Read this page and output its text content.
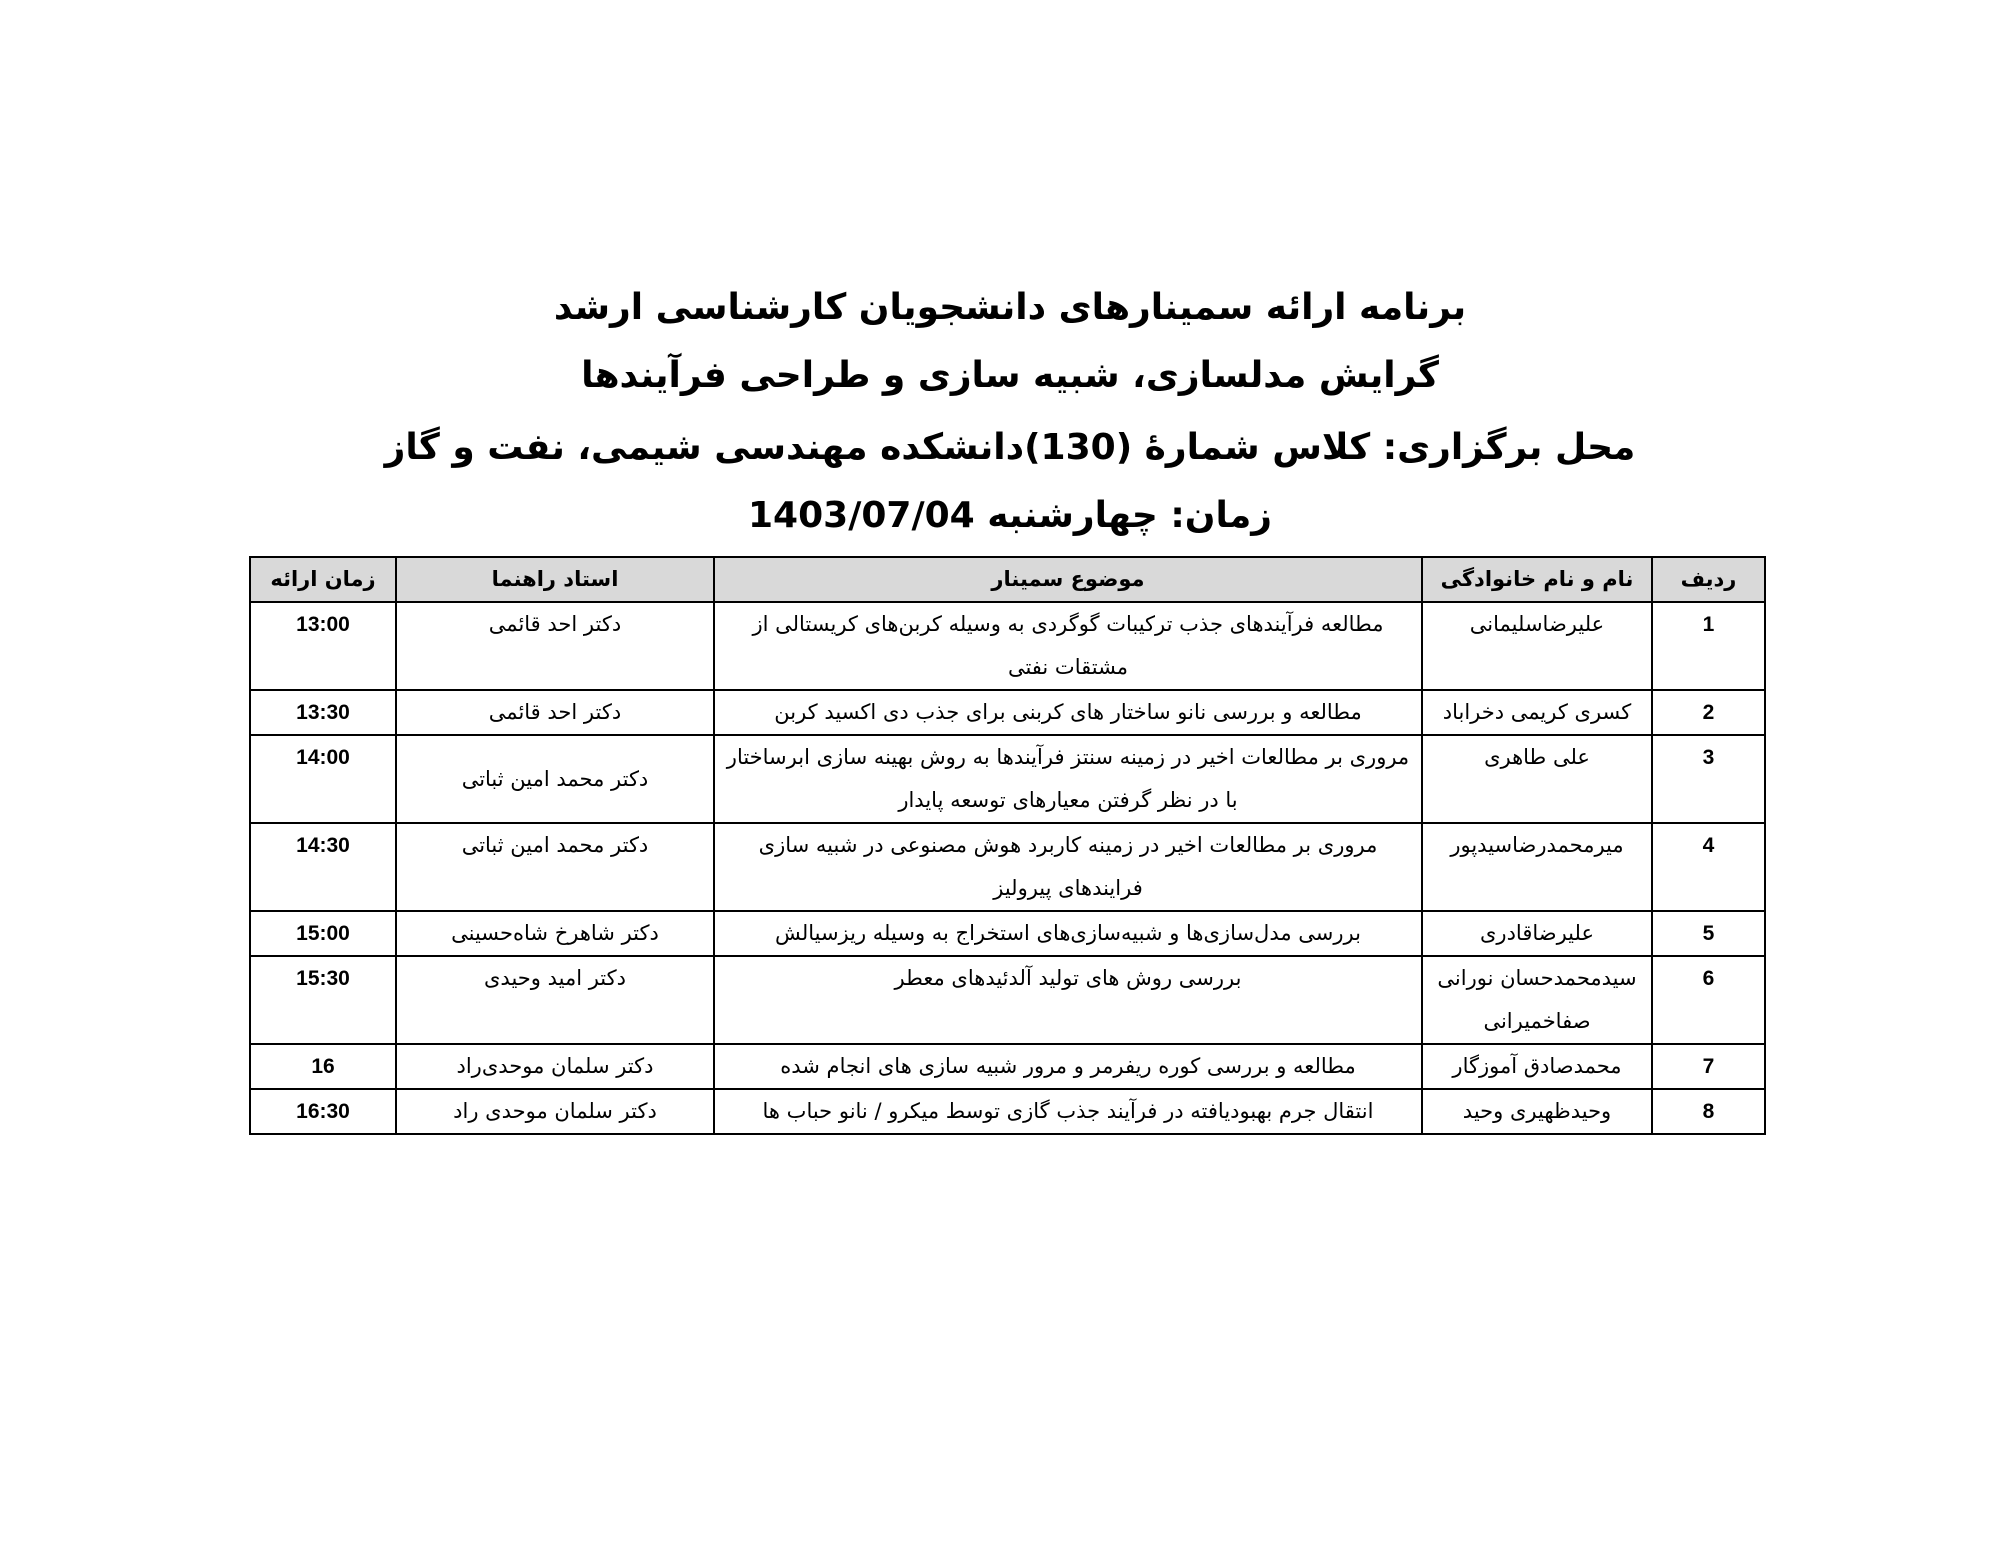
برنامه ارائه سمینارهای دانشجویان کارشناسی ارشد
گرایش مدلسازی، شبیه سازی و طراحی فرآیندها
محل برگزاری: کلاس شمارۀ (130)دانشکده مهندسی شیمی، نفت و گاز
زمان: چهارشنبه 1403/07/04
ردیف	نام و نام خانوادگی	موضوع سمینار	استاد راهنما	زمان ارائه
1	علیرضاسلیمانی	مطالعه فرآیندهای جذب ترکیبات گوگردی به وسیله کربن‌های کریستالی از مشتقات نفتی	دکتر احد قائمی	13:00
2	کسری کریمی دخراباد	مطالعه و بررسی نانو ساختار های کربنی برای جذب دی اکسید کربن	دکتر احد قائمی	13:30
3	علی طاهری	مروری بر مطالعات اخیر در زمینه سنتز فرآیندها به روش بهینه سازی ابرساختار با در نظر گرفتن معیارهای توسعه پایدار	دکتر محمد امین ثباتی	14:00
4	میرمحمدرضاسیدپور	مروری بر مطالعات اخیر در زمینه کاربرد هوش مصنوعی در شبیه سازی فرایندهای پیرولیز	دکتر محمد امین ثباتی	14:30
5	علیرضاقادری	بررسی مدل‌سازی‌ها و شبیه‌سازی‌های استخراج به وسیله ریزسیالش	دکتر شاهرخ شاه‌حسینی	15:00
6	سیدمحمدحسان نورانی صفاخمیرانی	بررسی روش های تولید آلدئیدهای معطر	دکتر امید وحیدی	15:30
7	محمدصادق آموزگار	مطالعه و بررسی کوره ریفرمر و مرور شبیه سازی های انجام شده	دکتر سلمان موحدی‌راد	16
8	وحیدظهیری وحید	انتقال جرم بهبودیافته در فرآیند جذب گازی توسط میکرو / نانو حباب ها	دکتر سلمان موحدی راد	16:30
